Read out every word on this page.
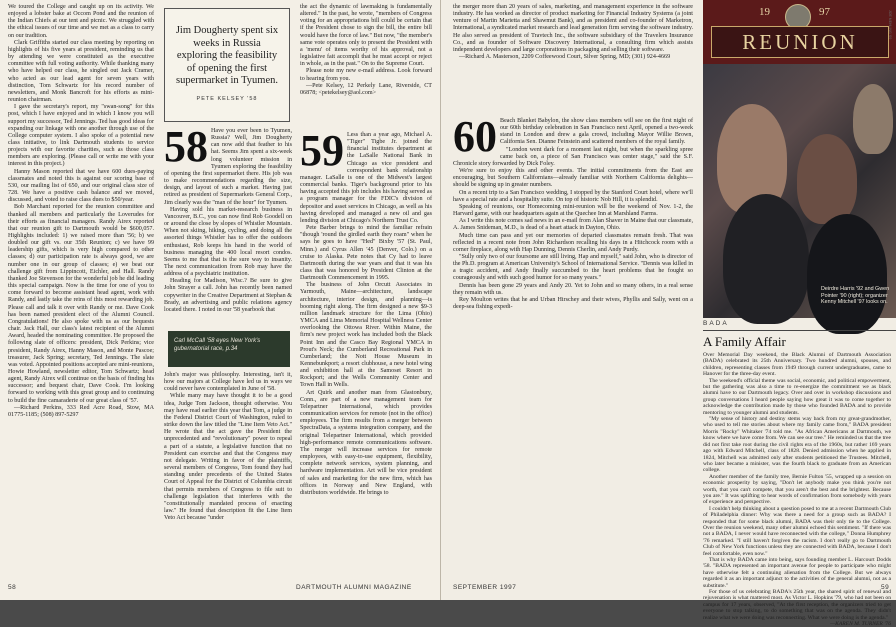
We toured the College and caught up on its activity. We enjoyed a lobster bake at Occom Pond and the reunion of the Indian Chiefs at our tent and picnic. We struggled with the ethical issues of our time and we met as a class to carry on our tradition.

Clark Griffiths started our class meeting by reporting on highlights of his five years at president, reminding us that by attending we were constituted as the executive committee with full voting authority. While thanking many who have helped our class, he singled out Jack Cramer, who acted as our lead agent for seven years with distinction, Tom Schwartz for his record number of newsletters, and Monk Bancroft for his efforts as mini-reunion chairman.

I gave the secretary's report, my "swan-song" for this post, which I have enjoyed and in which I know you will support my successor, Ted Jennings. Ted has good ideas for expanding our linkage with one another through use of the College computer system. I also spoke of a potential new class initiative, to link Dartmouth students to service projects with our favorite charities, such as those class members are exploring. (Please call or write me with your interest in this project.)

Hanny Mason reported that we have 600 dues-paying classmates and noted this is against our scoring base of 530, our mailing list of 650, and our original class size of 728. We have a positive cash balance and we moved, discussed, and voted to raise class dues to $50/year.

Bob Marchant reported for the reunion committee and thanked all members and particularly the Loverudes for their efforts as financial managers. Randy Airex reported that our reunion gift to Dartmouth would be $600,057. Highlights included: 1) we raised more than '56; b) we doubled our gift vs. our 35th Reunion; c) we have 99 leadership gifts, which is very high compared to other classes; d) our participation rate is always good, we are number one in our group of classes; e) we beat our challenge gift from Lippincott, Eichler, and Hall. Randy thanked Joe Stevenson for the wonderful job he did leading this special campaign. Now is the time for one of you to come forward to become assistant head agent, work with Randy, and lastly take the reins of this most rewarding job. Please call and talk it over with Randy or me. Dave Cook has been named president elect of the Alumni Council. Congratulations! He also spoke with us as our bequests chair. Jack Hall, our class's latest recipient of the Alumni Award, headed the nominating committee. He proposed the following slate of officers: president, Dick Perkins; vice president, Randy Airex, Hanny Mason, and Monte Pascoe; treasurer, Jack Spring; secretary, Ted Jennings. The slate was voted. Appointed positions accepted are mini-reunions, Howie Howland, newsletter editor, Tom Schwartz; head agent, Randy Airex will continue on the basis of finding his successor; and bequest chair, Dave Cook. I'm looking forward to working with this great group and to continuing to build the fine camaraderie of our great class of '57.

—Richard Perkins, 333 Red Acre Road, Stow, MA 01775-1185; (508) 897-5297

Jim Dougherty spent six weeks in Russia exploring the feasibility of opening the first supermarket in Tyumen.
PETE KELSEY '58
58 Have you ever been to Tyumen, Russia? Well, Jim Dougherty can now add that feather to his hat. Seems Jim spent a six-week long volunteer mission in Tyumen exploring the feasibility of opening the first supermarket there. His job was to make recommendations regarding the size, design, and layout of such a market. Having just retired as president of Supermarkets General Corp., Jim clearly was the "man of the hour" for Tyumen.

Having sold his market-research business in Vancouver, B.C., you can now find Rob Goodell on or around the close by slopes of Whistler Mountain. When not skiing, hiking, cycling, and doing all the assorted things Whistler has to offer the outdoors enthusiast, Rob keeps his hand in the world of business managing the 400 local resort condos. Seems to me that that is the sure way to insanity. The next communication from Rob may have the address of a psychiatric institution.

Heading for Madison, Wisc.? Be sure to give John Strayer a call. John has recently been named copywriter in the Creative Department at Stephan & Brady, an advertising and public relations agency located there. I noted in our '58 yearbook that

Carl McCall '58 eyes New York's gubernatorial race, p.34

John's major was philosophy. Interesting, isn't it, how our majors at College have led us in ways we could never have contemplated in June of '58.

While many may have thought it to be a good idea, Judge Tom Jackson, thought otherwise. You may have read earlier this year that Tom, a judge in the Federal District Court of Washington, ruled to strike down the law titled the "Line Item Veto Act." He wrote that the act gave the President the unprecedented and "revolutionary" power to repeal a part of a statute, a legislative function that no President can exercise and that the Congress may not delegate. Writing in favor of the plaintiffs, several members of Congress, Tom found they had standing under precedents of the United States Court of Appeal for the District of Columbia circuit that permits members of Congress to file suit to challenge legislation that interferes with the "constitutionally mandated process of enacting law." He found that description fit the Line Item Veto Act because "under

the act the dynamic of lawmaking is fundamentally altered." In the past, he wrote, "members of Congress voting for an appropriations bill could be certain that if the President chose to sign the bill, the entire bill would have the force of law." But now, "the member's same vote operates only to present the President with a 'menu' of items worthy of his approval, not a legislative fait accompli that he must accept or reject in whole, as in the past." On to the Supreme Court.

Please note my new e-mail address. Look forward to hearing from you.

—Pete Kelsey, 12 Perkely Lane, Riverside, CT 06878; <petekelsey@aol.com>

59 Less than a year ago, Michael A. "Tiger" Tigbe Jr. joined the financial institutes department at the LaSalle National Bank in Chicago as vice president and correspondent bank relationship manager. LaSalle is one of the Midwest's largest commercial banks. Tiger's background prior to his having accepted this job includes his having served as a program manager for the FDIC's division of depositor and asset services in Chicago, as well as his having developed and managed a new oil and gas lending division at Chicago's Northern Trust Co.

Pete Barber brings to mind the familiar refrain "though 'round the girdled earth they roam" when he says he goes to have "Hed" Bixby '57 (St. Paul, Minn.) and Cyrus Allen '45 (Denver, Colo.) on a cruise to Alaska. Pete notes that Cy had to leave Dartmouth during the war years and that it was his class that was honored by President Clinton at the Dartmouth Commencement in 1995.

The business of John Orcutt Associates in Yarmouth, Maine—architecture, landscape architecture, interior design, and planning—is booming right along. The firm designed a new $9-3 million landmark structure for the Lima (Ohio) YMCA and Lima Memorial Hospital Wellness Center overlooking the Ottowa River. Within Maine, the firm's new project work has included both the Black Point Inn and the Casco Bay Regional YMCA in Prout's Neck; the Cumberland Recreational Park in Cumberland; the Nott House Museum in Kennebunkport; a resort clubhouse, a new hotel wing and exhibition hall at the Samoset Resort in Rockport; and the Wells Community Center and Town Hall in Wells.

Art Quirk and another man from Glastonbury, Conn., are part of a new management team for Telepartner International, which provides communication services for remote (not in the office) employees. The firm results from a merger between SpectraData, a systems integration company, and the original Telepartner International, which provided high-performance remote communications software. The merger will increase services for remote employees, with easy-to-use equipment, flexibility, complete network services, system planning, and hardware implementation. Art will be vice president of sales and marketing for the new firm, which has offices in Norway and New England, with distributors worldwide. He brings to

58	DARTMOUTH ALUMNI MAGAZINE

the merger more than 20 years of sales, marketing, and management experience in the software industry. He has worked as director of product marketing for Financial Industry Systems (a joint venture of Martin Marietta and Shawmut Bank), and as president and co-founder of Marketron, International, a syndicated market research and lead generation firm serving the software industry. He also served as president of Travtech Inc., the software subsidiary of the Travelers Insurance Co., and as founder of Software Discovery International, a consulting firm which assists independent developers and large corporations in packaging and selling their software.

—Richard A. Masterson, 2209 Coffeewood Court, Silver Spring, MD; (301) 924-4669

60 Beach Blanket Babylon, the show class members will see on the first night of our 60th birthday celebration in San Francisco next April, opened a two-week stand in London and drew a gala crowd, including Mayor Willie Brown, California Sen. Dianne Feinstein and scattered members of the royal family.

"London went dark for a moment last night, but when the sparkling spree came back on, a piece of San Francisco was center stage," said the S.F. Chronicle story forwarded by Dick Foley.

We're sure to enjoy this and other events. The initial commitments from the East are encouraging, but Southern Californians—already familiar with Northern California delights—should be signing up in greater numbers.

On a recent trip to a San Francisco wedding, I stopped by the Stanford Court hotel, where we'll have a special rate and a hospitality suite. On top of historic Nob Hill, it is splendid.

Speaking of reunions, our Homecoming mini-reunion will be the weekend of Nov. 1-2, the Harvard game, with our headquarters again at the Quechee Inn at Marshland Farms.

As I write this note comes sad news in an e-mail from Alan Shaver in Maine that our classmate, A. James Snideman, M.D., is dead of a heart attack in Dayton, Ohio.

Much time can pass and yet our memories of departed classmates remain fresh. That was reflected in a recent note from John Richardson recalling his days in a Hitchcock room with a corner fireplace, along with Hap Dunning, Dennis Cherlin, and Andy Purdy.

"Sully only two of our foursome are still living, Hap and myself," said John, who is director of the Ph.D. program at American University's School of International Service. "Dennis was killed in a tragic accident, and Andy finally succumbed to the heart problems that he fought so courageously and with such good humor for so many years."

Dennis has been gone 29 years and Andy 20. Yet to John and so many others, in a real sense they remain with us.

Rey Moulton writes that he and Urban Hirschey and their wives, Phyllis and Sally, went on a deep-sea fishing expedi-

19	97
REUNION
Deirdre Harris '92 and Gwen Pointer '90 (right); organizer Kenny Mitchell '97 looks on.
JOE MEHLING '69
BADA
A Family Affair

Over Memorial Day weekend, the Black Alumni of Dartmouth Association (BADA) celebrated its 25th Anniversary. Two hundred alumni, spouses, and children, representing classes from 1949 through current undergraduates, came to Hanover for the three-day event.

The weekend's official theme was social, economic, and political empowerment, but the gathering was also a time to re-energize the commitment we as black alumni have to our Dartmouth legacy. Over and over in workshop discussions and group conversations I heard people saying how great it was to come together to acknowledge the contribution made by those who founded BADA and to provide mentoring to younger alumni and students.

"My sense of history and destiny stems way back from my great-grandmother, who used to tell me stories about where my family came from," BADA president Morris "Rocky" Whitaker '74 told me. "As African Americans at Dartmouth, we know where we have come from. We can see our tree." He reminded us that the tree did not first take root during the civil rights era of the 1960s, but rather 169 years ago with Edward Mitchell, class of 1828. Denied admission when he applied in 1824, Mitchell was admitted only after students petitioned the Trustees. Mitchell, who later became a minister, was the fourth black to graduate from an American college.

Another member of the family tree, Bernie Fulton '55, wrapped up a session on economic prosperity by saying, "Don't let anybody make you think you're not worth, that you can't compete, that you aren't the best and the brightest. Because you are." It was uplifting to hear words of confirmation from somebody with years of experience and perspective.

I couldn't help thinking about a question posed to me at a recent Dartmouth Club of Philadelphia dinner: Why was there a need for a group such as BADA? I responded that for some black alumni, BADA was their only tie to the College. Over the reunion weekend, many other alumni echoed this sentiment. "If there was not a BADA, I never would have reconnected with the college," Donna Humphrey '76 remarked. "I still haven't forgiven the racism. I don't really go to Dartmouth Club of New York functions unless they are connected with BADA, because I don't feel comfortable, even now."

That is why BADA came into being, says founding member L. Harcourt Dodds '58. "BADA represented an important avenue for people to participate who might have otherwise felt a continuing alienation from the College. But we always regarded it as an important adjunct to the activities of the general alumni, not as a substitute."

For those of us celebrating BADA's 25th year, the shared spirit of renewal and rejuvenation is what mattered most. As Victor L. Hopkins '79, who had not been on campus for 17 years, observed, "At the first reception, the organizers tried to get everyone to stop talking, to do something that was on the agenda. They didn't realize what we were doing was reconnecting. What we were doing is the agenda."

—KAREN M. TURNER '76

SEPTEMBER 1997	59
